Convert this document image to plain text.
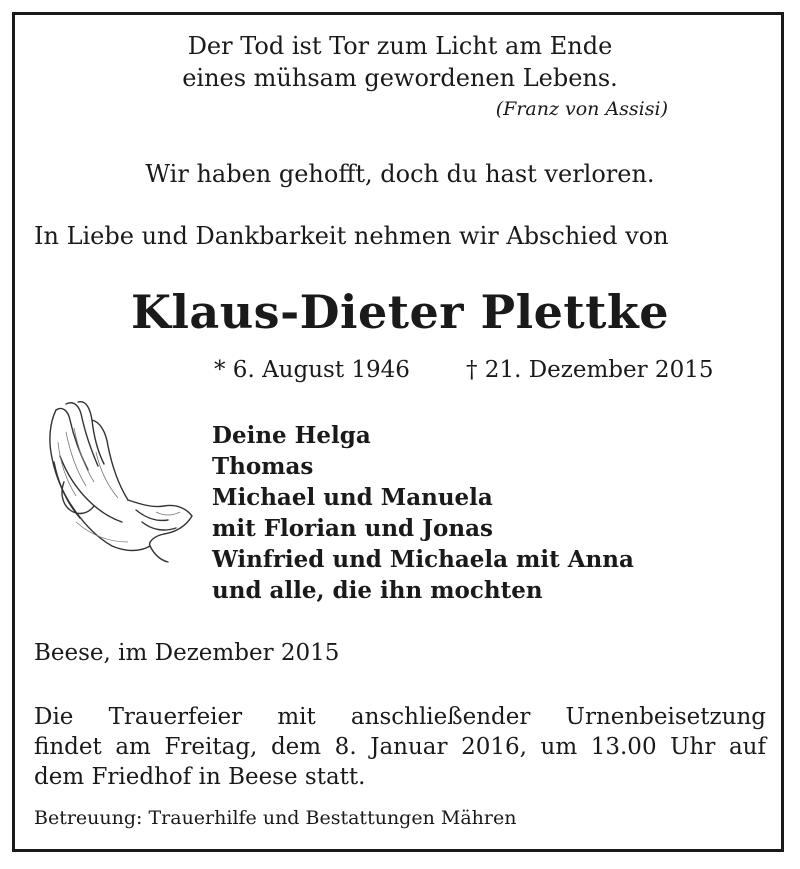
Der Tod ist Tor zum Licht am Ende
eines mühsam gewordenen Lebens.
(Franz von Assisi)
Wir haben gehofft, doch du hast verloren.
In Liebe und Dankbarkeit nehmen wir Abschied von
Klaus-Dieter Plettke
* 6. August 1946 † 21. Dezember 2015
Deine Helga
Thomas
Michael und Manuela
mit Florian und Jonas
Winfried und Michaela mit Anna
und alle, die ihn mochten
Beese, im Dezember 2015
Die Trauerfeier mit anschließender Urnenbeisetzung
findet am Freitag, dem 8. Januar 2016, um 13.00 Uhr auf
dem Friedhof in Beese statt.
Betreuung: Trauerhilfe und Bestattungen Mähren
